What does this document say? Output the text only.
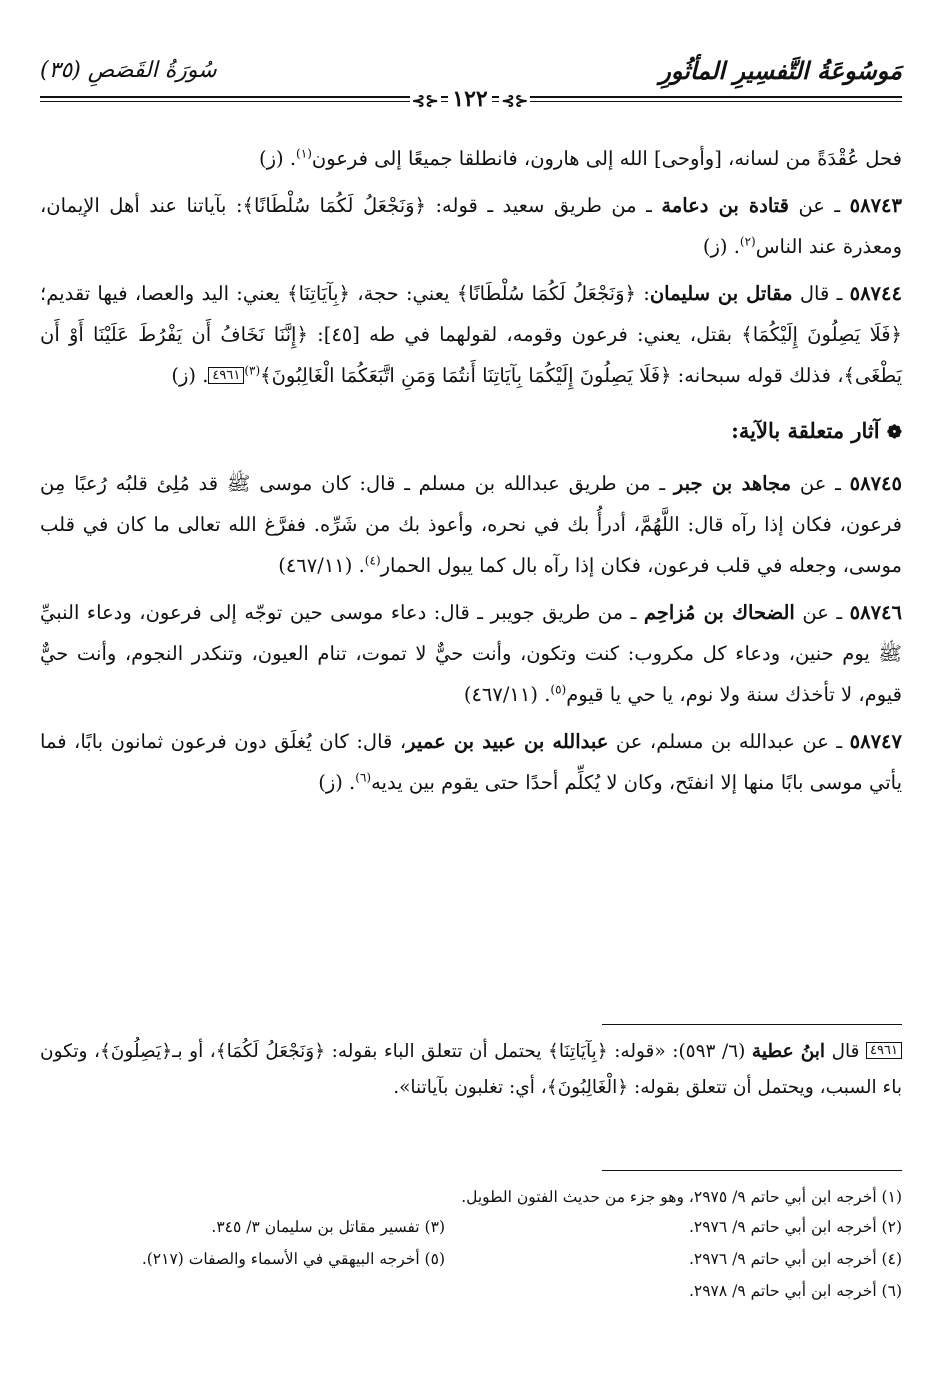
مَوسُوعَةُ التَّفسِيرِ المأثُورِ
سُورَةُ القَصَصِ (٣٥)
⊰⊱ ١٢٢ ⊰⊱

فحل عُقْدَةً من لسانه، [وأوحى] الله إلى هارون، فانطلقا جميعًا إلى فرعون$^{(١)}$. (ز)

٥٨٧٤٣ ـ عن قتادة بن دعامة ـ من طريق سعيد ـ قوله: ﴿وَنَجْعَلُ لَكُمَا سُلْطَانًا﴾: بآياتنا عند أهل الإيمان، ومعذرة عند الناس$^{(٢)}$. (ز)

٥٨٧٤٤ ـ قال مقاتل بن سليمان: ﴿وَنَجْعَلُ لَكُمَا سُلْطَانًا﴾ يعني: حجة، ﴿بِآيَاتِنَا﴾ يعني: اليد والعصا، فيها تقديم؛ ﴿فَلَا يَصِلُونَ إِلَيْكُمَا﴾ بقتل، يعني: فرعون وقومه، لقولهما في طه [٤٥]: ﴿إِنَّنَا نَخَافُ أَن يَفْرُطَ عَلَيْنَا أَوْ أَن يَطْغَى﴾، فذلك قوله سبحانه: ﴿فَلَا يَصِلُونَ إِلَيْكُمَا بِآيَاتِنَا أَنتُمَا وَمَنِ اتَّبَعَكُمَا الْغَالِبُونَ﴾$^{(٣)}$٤٩٦١. (ز)

❁ آثار متعلقة بالآية:

٥٨٧٤٥ ـ عن مجاهد بن جبر ـ من طريق عبدالله بن مسلم ـ قال: كان موسى ﷺ قد مُلِئ قلبُه رُعبًا مِن فرعون، فكان إذا رآه قال: اللَّهُمَّ، أدرأُ بك في نحره، وأعوذ بك من شَرِّه. ففرَّغ الله تعالى ما كان في قلب موسى، وجعله في قلب فرعون، فكان إذا رآه بال كما يبول الحمار$^{(٤)}$. (٤٦٧/١١)

٥٨٧٤٦ ـ عن الضحاك بن مُزاحِم ـ من طريق جويبر ـ قال: دعاء موسى حين توجّه إلى فرعون، ودعاء النبيِّ ﷺ يوم حنين، ودعاء كل مكروب: كنت وتكون، وأنت حيٌّ لا تموت، تنام العيون، وتنكدر النجوم، وأنت حيٌّ قيوم، لا تأخذك سنة ولا نوم، يا حي يا قيوم$^{(٥)}$. (٤٦٧/١١)

٥٨٧٤٧ ـ عن عبدالله بن مسلم، عن عبدالله بن عبيد بن عمير، قال: كان يُغلَق دون فرعون ثمانون بابًا، فما يأتي موسى بابًا منها إلا انفتَح، وكان لا يُكلِّم أحدًا حتى يقوم بين يديه$^{(٦)}$. (ز)

٤٩٦١ قال ابنُ عطية (٦/ ٥٩٣): «قوله: ﴿بِآيَاتِنَا﴾ يحتمل أن تتعلق الباء بقوله: ﴿وَنَجْعَلُ لَكُمَا﴾، أو بـ﴿يَصِلُونَ﴾، وتكون باء السبب، ويحتمل أن تتعلق بقوله: ﴿الْغَالِبُونَ﴾، أي: تغلبون بآياتنا».
(١) أخرجه ابن أبي حاتم ٩/ ٢٩٧٥، وهو جزء من حديث الفتون الطويل.
(٢) أخرجه ابن أبي حاتم ٩/ ٢٩٧٦.
(٣) تفسير مقاتل بن سليمان ٣/ ٣٤٥.
(٤) أخرجه ابن أبي حاتم ٩/ ٢٩٧٦.
(٥) أخرجه البيهقي في الأسماء والصفات (٢١٧).
(٦) أخرجه ابن أبي حاتم ٩/ ٢٩٧٨.
